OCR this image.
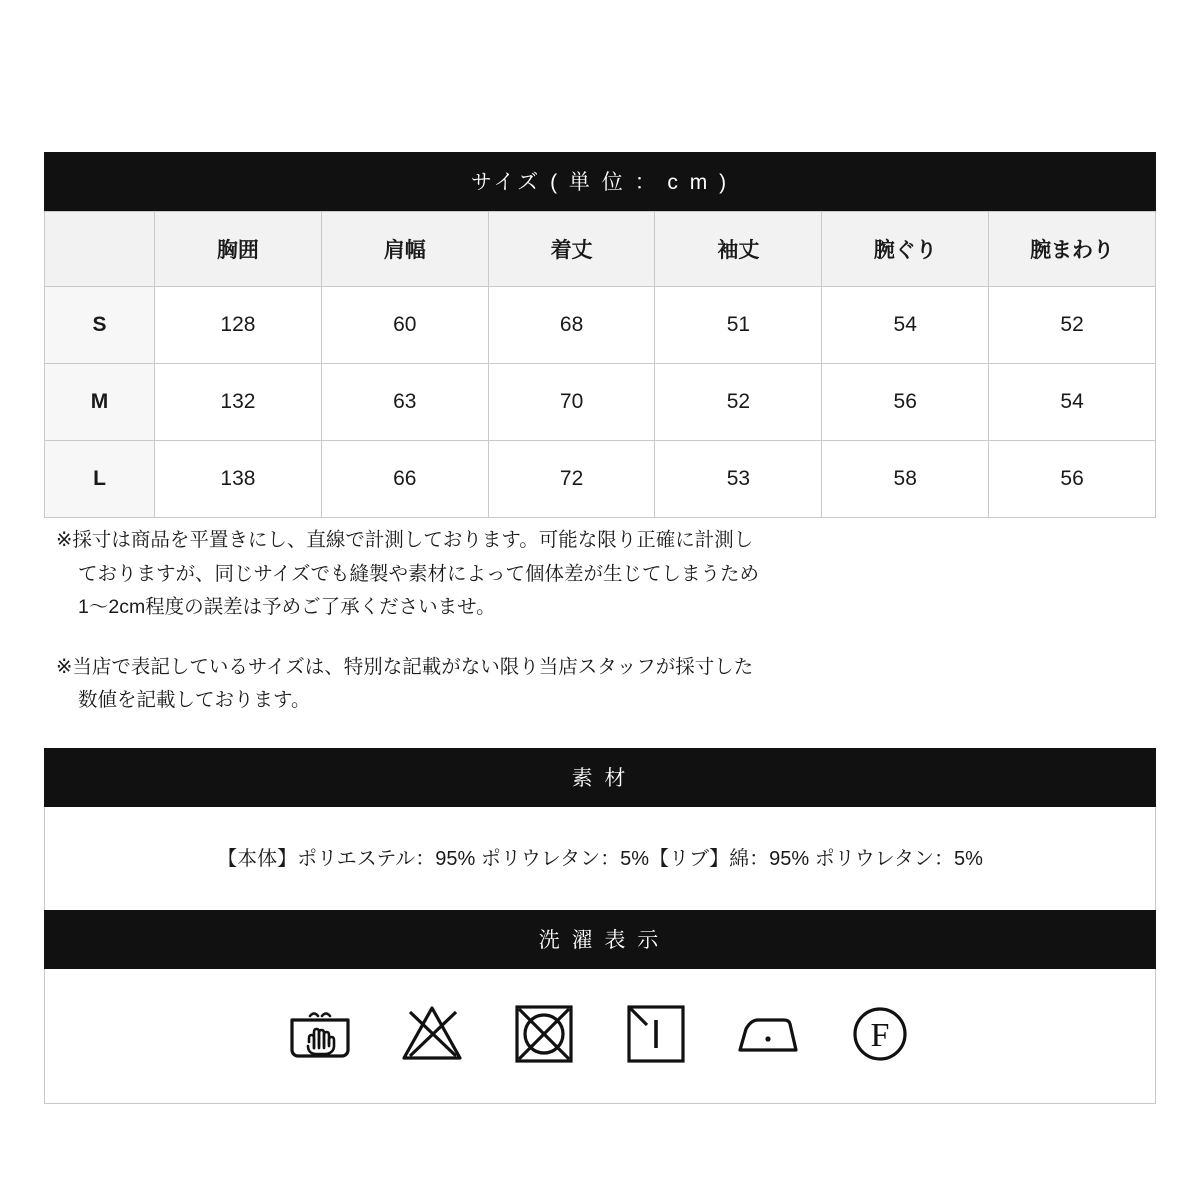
サイズ ( 単 位 ： c m )
	胸囲	肩幅	着丈	袖丈	腕ぐり	腕まわり
S	128	60	68	51	54	52
M	132	63	70	52	56	54
L	138	66	72	53	58	56

※採寸は商品を平置きにし、直線で計測しております。可能な限り正確に計測し
ておりますが、同じサイズでも縫製や素材によって個体差が生じてしまうため
1〜2cm程度の誤差は予めご了承くださいませ。

※当店で表記しているサイズは、特別な記載がない限り当店スタッフが採寸した
数値を記載しております。

素 材
【本体】ポリエステル：95% ポリウレタン：5%【リブ】綿：95% ポリウレタン：5%
洗 濯 表 示
F
